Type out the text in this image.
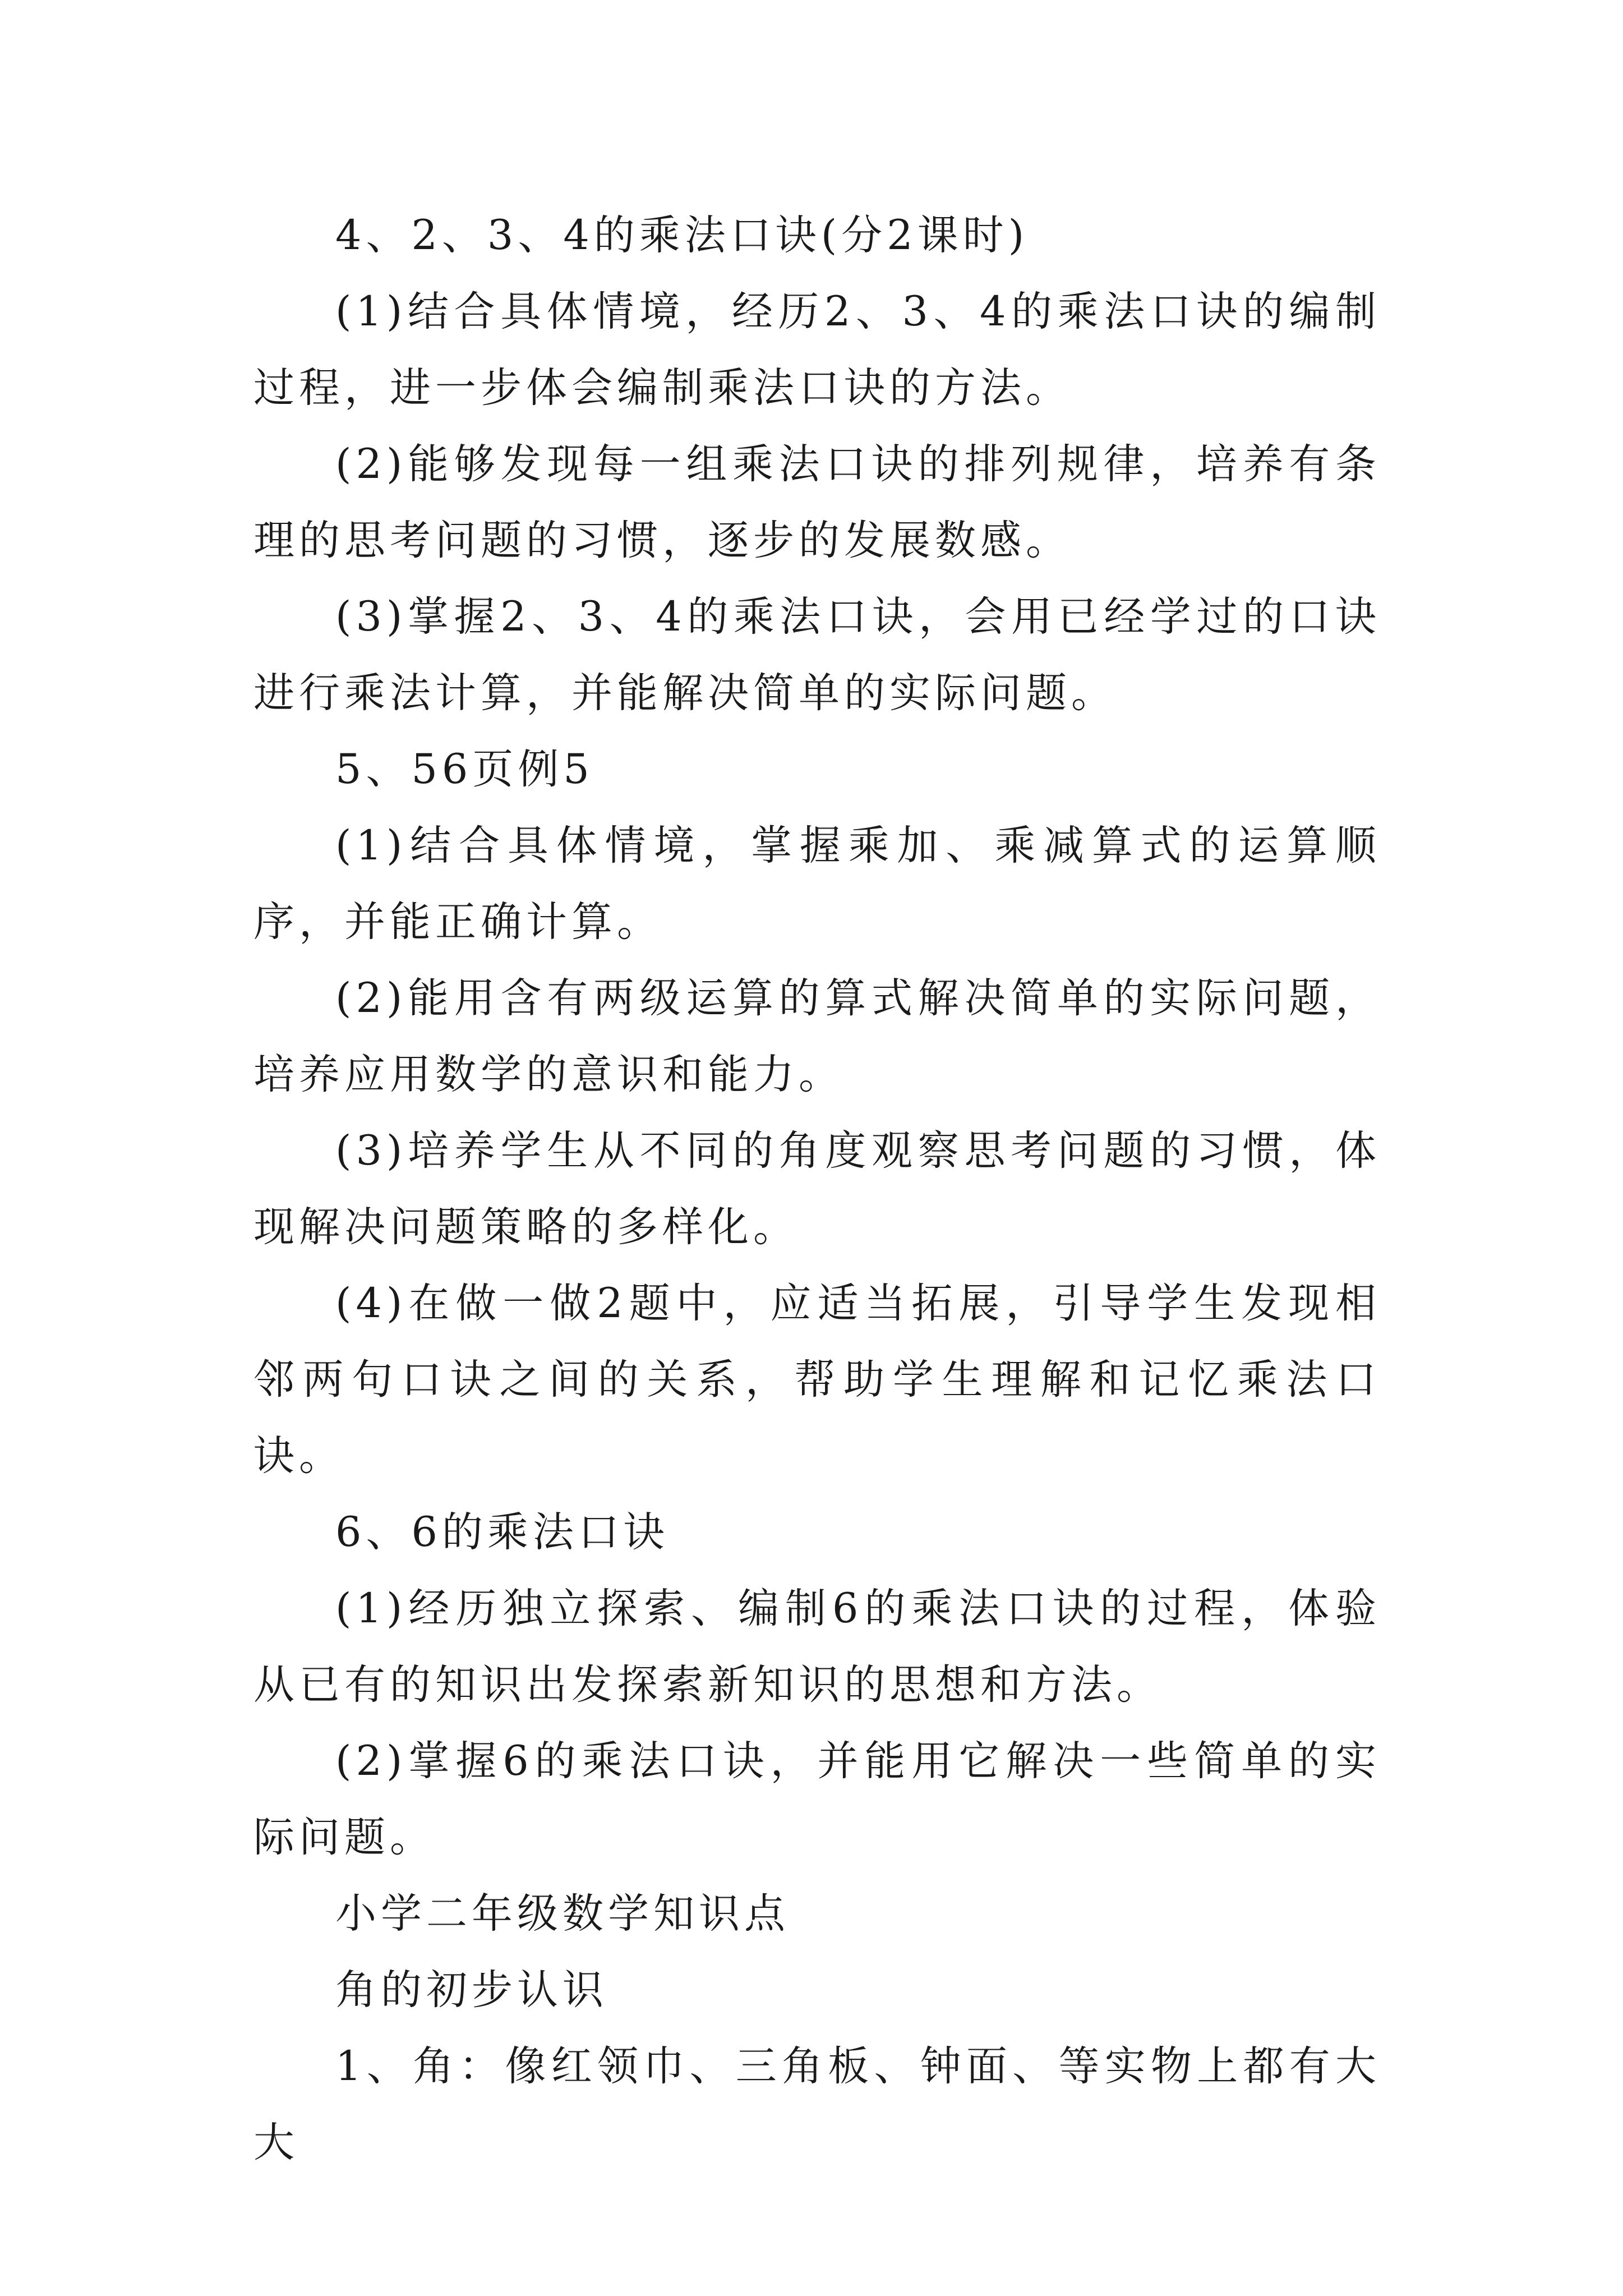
4、2、3、4的乘法口诀(分2课时)

(1)结合具体情境，经历2、3、4的乘法口诀的编制过程，进一步体会编制乘法口诀的方法。

(2)能够发现每一组乘法口诀的排列规律，培养有条理的思考问题的习惯，逐步的发展数感。

(3)掌握2、3、4的乘法口诀，会用已经学过的口诀进行乘法计算，并能解决简单的实际问题。

5、56页例5

(1)结合具体情境，掌握乘加、乘减算式的运算顺序，并能正确计算。

(2)能用含有两级运算的算式解决简单的实际问题，培养应用数学的意识和能力。

(3)培养学生从不同的角度观察思考问题的习惯，体现解决问题策略的多样化。

(4)在做一做2题中，应适当拓展，引导学生发现相邻两句口诀之间的关系，帮助学生理解和记忆乘法口诀。

6、6的乘法口诀

(1)经历独立探索、编制6的乘法口诀的过程，体验从已有的知识出发探索新知识的思想和方法。

(2)掌握6的乘法口诀，并能用它解决一些简单的实际问题。

小学二年级数学知识点

角的初步认识

1、角：像红领巾、三角板、钟面、等实物上都有大大
